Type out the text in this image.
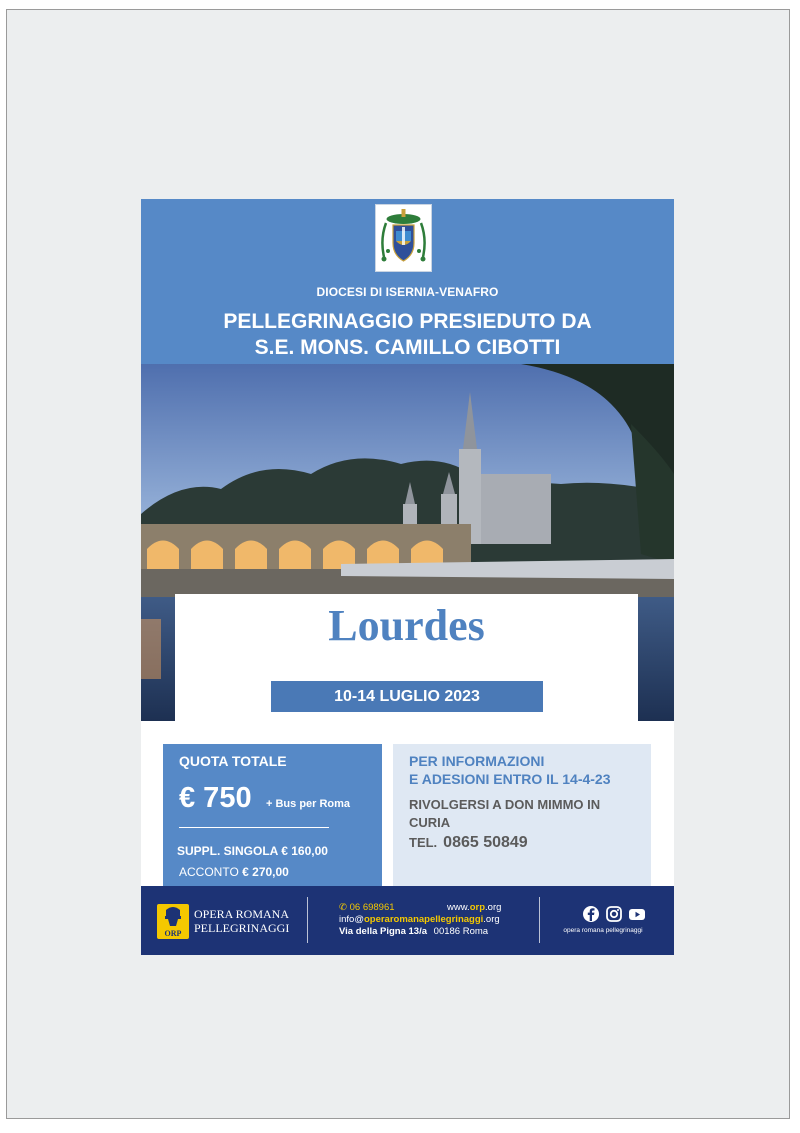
DIOCESI DI ISERNIA-VENAFRO
PELLEGRINAGGIO PRESIEDUTO DA
S.E. MONS. CAMILLO CIBOTTI
Lourdes
10-14 LUGLIO 2023
QUOTA TOTALE
€ 750 + Bus per Roma
SUPPL. SINGOLA € 160,00
ACCONTO € 270,00
PER INFORMAZIONI
E ADESIONI ENTRO IL 14-4-23
RIVOLGERSI A DON MIMMO IN
CURIA
TEL. 0865 50849
ORP
OPERA ROMANA
PELLEGRINAGGI
✆ 06 698961
info@operaromanapellegrinaggi.org
Via della Pigna 13/a 00186 Roma
www.orp.org
opera romana pellegrinaggi
